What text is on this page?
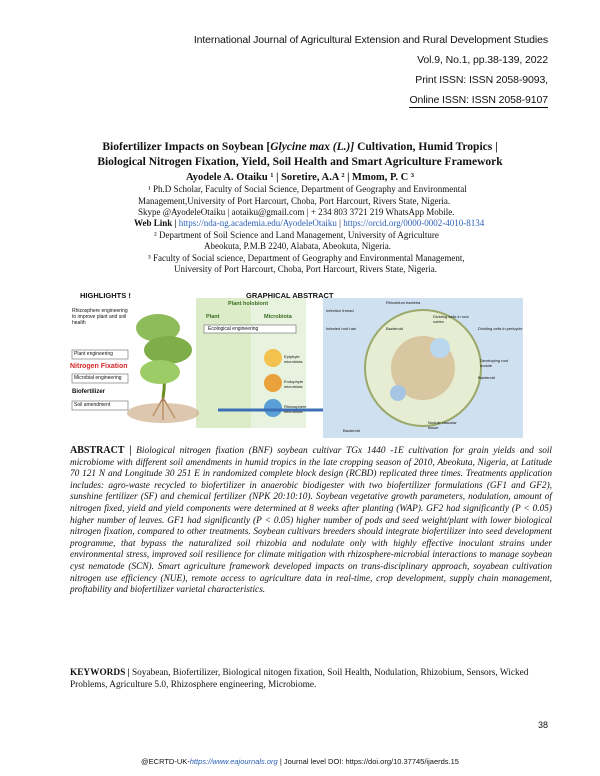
International Journal of Agricultural Extension and Rural Development Studies
Vol.9, No.1, pp.38-139, 2022
Print ISSN: ISSN 2058-9093,
Online ISSN: ISSN 2058-9107
Biofertilizer Impacts on Soybean [Glycine max (L.)] Cultivation, Humid Tropics |
Biological Nitrogen Fixation, Yield, Soil Health and Smart Agriculture Framework
Ayodele A. Otaiku ¹ | Soretire, A.A ² | Mmom, P. C ³
¹ Ph.D Scholar, Faculty of Social Science, Department of Geography and Environmental
Management,University of Port Harcourt, Choba, Port Harcourt, Rivers State, Nigeria.
Skype @AyodeleOtaiku | aotaiku@gmail.com | + 234 803 3721 219 WhatsApp Mobile.
Web Link | https://nda-ng.academia.edu/AyodeleOtaiku | https://orcid.org/0000-0002-4010-8134
² Department of Soil Science and Land Management, University of Agriculture
Abeokuta, P.M.B 2240, Alabata, Abeokuta, Nigeria.
³ Faculty of Social science, Department of Geography and Environmental Management,
University of Port Harcourt, Choba, Port Harcourt, Rivers State, Nigeria.
HIGHLIGHTS !	GRAPHICAL ABSTRACT
Rhizosphere engineering to improve plant and soil health
Plant engineering
Nitrogen Fixation
Microbial engineering
Biofertilizer
Soil amendment
Plant holobiont
Plant	Microbiota
Ecological engineering
Epiphyte microbiota
Endophyte microbiota
Rhizosphere microbiota
Infection thread
Rhizobium bacteria
Dividing cells in root cortex
Infected root hair	Bacteroid	Dividing cells in pericycle
Developing root nodule
Bacteroid
Bacteroid
Nodule vascular tissue
ABSTRACT | Biological nitrogen fixation (BNF) soybean cultivar TGx 1440 -1E cultivation for grain yields and soil microbiome with different soil amendments in humid tropics in the late cropping season of 2010, Abeokuta, Nigeria, at Latitude 70 121 N and Longitude 30 251 E in randomized complete block design (RCBD) replicated three times. Treatments application includes: agro-waste recycled to biofertilizer in anaerobic biodigester with two biofertilizer formulations (GF1 and GF2), sunshine fertilizer (SF) and chemical fertilizer (NPK 20:10:10). Soybean vegetative growth parameters, nodulation, amount of nitrogen fixed, yield and yield components were determined at 8 weeks after planting (WAP). GF2 had significantly (P < 0.05) higher number of leaves. GF1 had significantly (P < 0.05) higher number of pods and seed weight/plant with lower biological nitrogen fixation, compared to other treatments. Soybean cultivars breeders should integrate biofertilizer into seed development programme, that bypass the naturalized soil rhizobia and nodulate only with highly effective inoculant strains under environmental stress, improved soil resilience for climate mitigation with rhizosphere-microbial interactions to manage soybean cyst nematode (SCN). Smart agriculture framework developed impacts on trans-disciplinary approach, soyabean cultivation nitrogen use efficiency (NUE), remote access to agriculture data in real-time, crop development, supply chain management, proftability and biofertilizer varietal characteristics.
KEYWORDS | Soyabean, Biofertilizer, Biological nitogen fixation, Soil Health, Nodulation, Rhizobium, Sensors, Wicked Problems, Agriculture 5.0, Rhizosphere engineering, Microbiome.
38
@ECRTD-UK-https://www.eajournals.org | Journal level DOI: https://doi.org/10.37745/ijaerds.15
